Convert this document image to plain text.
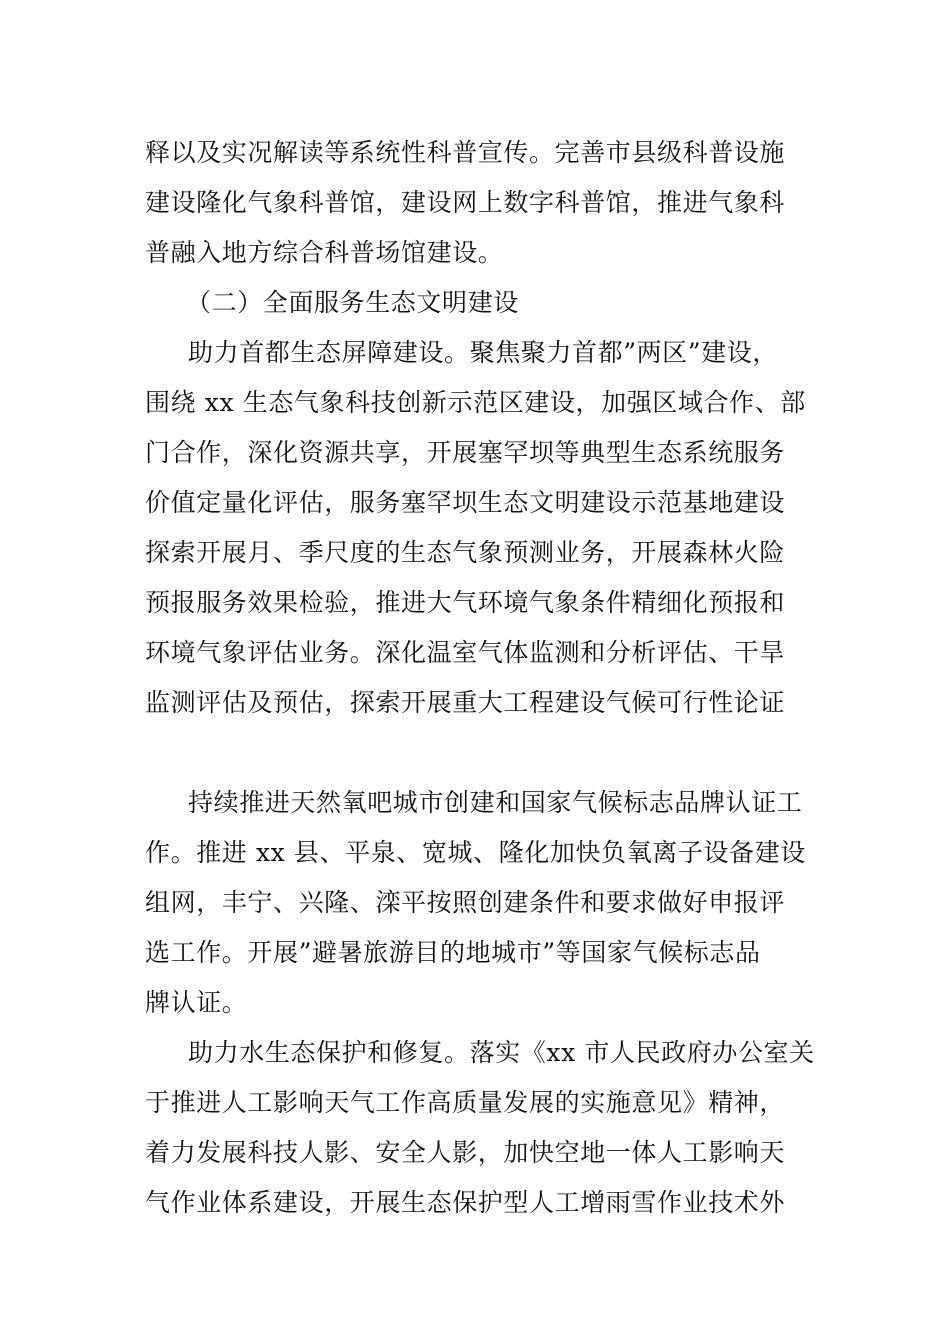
释以及实况解读等系统性科普宣传。完善市县级科普设施
建设隆化气象科普馆，建设网上数字科普馆，推进气象科
普融入地方综合科普场馆建设。
（二）全面服务生态文明建设
助力首都生态屏障建设。聚焦聚力首都”两区”建设，
围绕 xx 生态气象科技创新示范区建设，加强区域合作、部
门合作，深化资源共享，开展塞罕坝等典型生态系统服务
价值定量化评估，服务塞罕坝生态文明建设示范基地建设
探索开展月、季尺度的生态气象预测业务，开展森林火险
预报服务效果检验，推进大气环境气象条件精细化预报和
环境气象评估业务。深化温室气体监测和分析评估、干旱
监测评估及预估，探索开展重大工程建设气候可行性论证
持续推进天然氧吧城市创建和国家气候标志品牌认证工
作。推进 xx 县、平泉、宽城、隆化加快负氧离子设备建设
组网，丰宁、兴隆、滦平按照创建条件和要求做好申报评
选工作。开展”避暑旅游目的地城市”等国家气候标志品
牌认证。
助力水生态保护和修复。落实《xx 市人民政府办公室关
于推进人工影响天气工作高质量发展的实施意见》精神，
着力发展科技人影、安全人影，加快空地一体人工影响天
气作业体系建设，开展生态保护型人工增雨雪作业技术外
